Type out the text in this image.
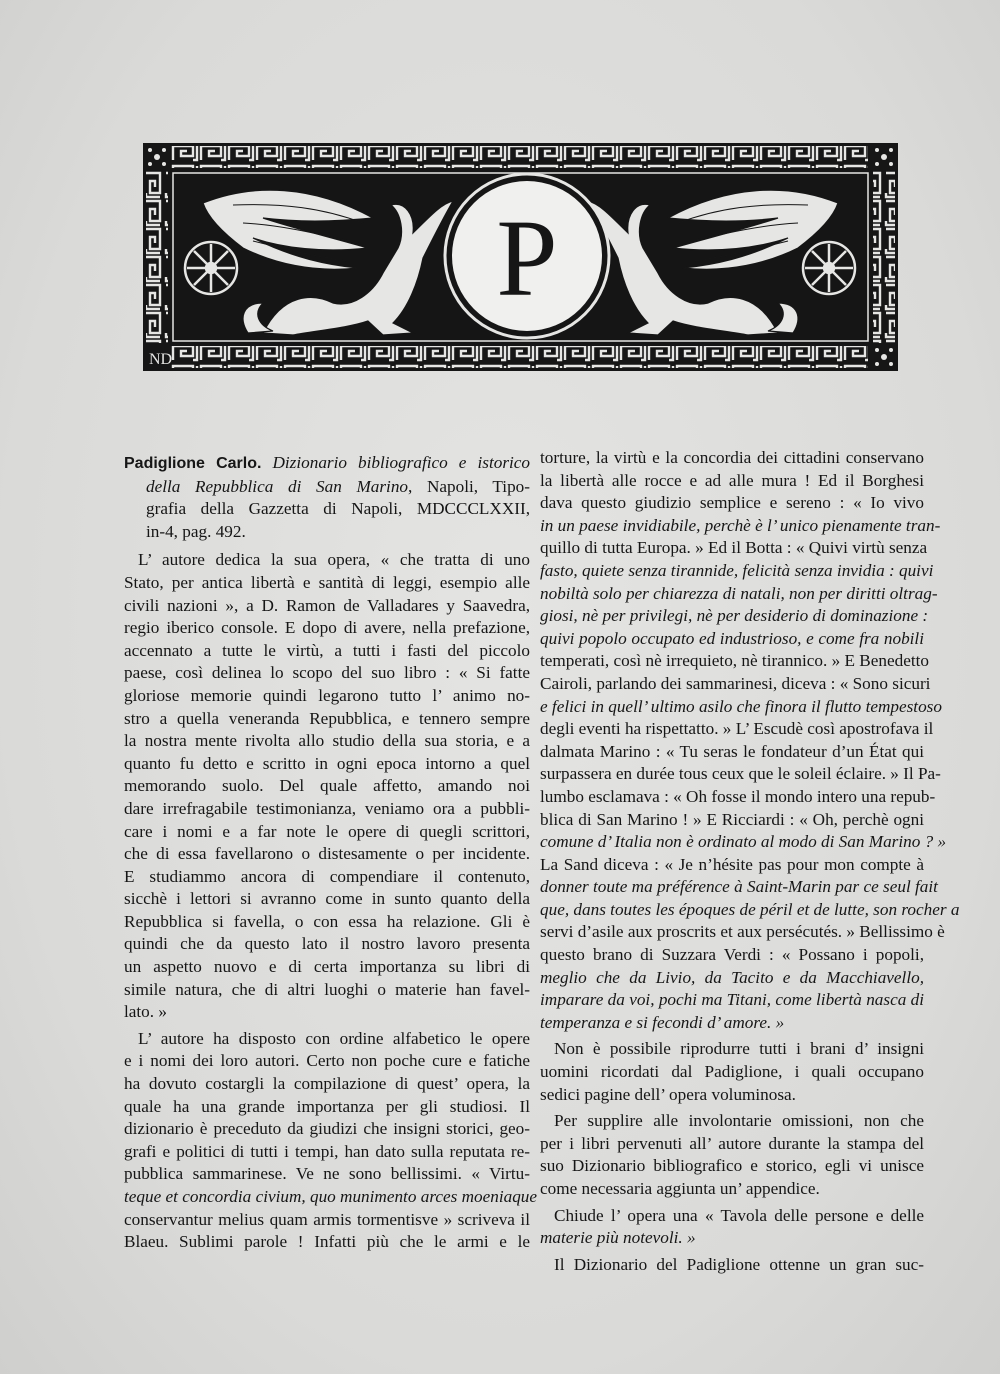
ND
P
Padiglione Carlo. Dizionario bibliografico e istorico
della Repubblica di San Marino, Napoli, Tipo-
grafia della Gazzetta di Napoli, MDCCCLXXII,
in-4, pag. 492.
L’ autore dedica la sua opera, « che tratta di uno
Stato, per antica libertà e santità di leggi, esempio alle
civili nazioni », a D. Ramon de Valladares y Saavedra,
regio iberico console. E dopo di avere, nella prefazione,
accennato a tutte le virtù, a tutti i fasti del piccolo
paese, così delinea lo scopo del suo libro : « Si fatte
gloriose memorie quindi legarono tutto l’ animo no-
stro a quella veneranda Repubblica, e tennero sempre
la nostra mente rivolta allo studio della sua storia, e a
quanto fu detto e scritto in ogni epoca intorno a quel
memorando suolo. Del quale affetto, amando noi
dare irrefragabile testimonianza, veniamo ora a pubbli-
care i nomi e a far note le opere di quegli scrittori,
che di essa favellarono o distesamente o per incidente.
E studiammo ancora di compendiare il contenuto,
sicchè i lettori si avranno come in sunto quanto della
Repubblica si favella, o con essa ha relazione. Gli è
quindi che da questo lato il nostro lavoro presenta
un aspetto nuovo e di certa importanza su libri di
simile natura, che di altri luoghi o materie han favel-
lato. »
L’ autore ha disposto con ordine alfabetico le opere
e i nomi dei loro autori. Certo non poche cure e fatiche
ha dovuto costargli la compilazione di quest’ opera, la
quale ha una grande importanza per gli studiosi. Il
dizionario è preceduto da giudizi che insigni storici, geo-
grafi e politici di tutti i tempi, han dato sulla reputata re-
pubblica sammarinese. Ve ne sono bellissimi. « Virtu-
teque et concordia civium, quo munimento arces moeniaque
conservantur melius quam armis tormentisve » scriveva il
Blaeu. Sublimi parole ! Infatti più che le armi e le
torture, la virtù e la concordia dei cittadini conservano
la libertà alle rocce e ad alle mura ! Ed il Borghesi
dava questo giudizio semplice e sereno : « Io vivo
in un paese invidiabile, perchè è l’ unico pienamente tran-
quillo di tutta Europa. » Ed il Botta : « Quivi virtù senza
fasto, quiete senza tirannide, felicità senza invidia : quivi
nobiltà solo per chiarezza di natali, non per diritti oltrag-
giosi, nè per privilegi, nè per desiderio di dominazione :
quivi popolo occupato ed industrioso, e come fra nobili
temperati, così nè irrequieto, nè tirannico. » E Benedetto
Cairoli, parlando dei sammarinesi, diceva : « Sono sicuri
e felici in quell’ ultimo asilo che finora il flutto tempestoso
degli eventi ha rispettatto. » L’ Escudè così apostrofava il
dalmata Marino : « Tu seras le fondateur d’un État qui
surpassera en durée tous ceux que le soleil éclaire. » Il Pa-
lumbo esclamava : « Oh fosse il mondo intero una repub-
blica di San Marino ! » E Ricciardi : « Oh, perchè ogni
comune d’ Italia non è ordinato al modo di San Marino ? »
La Sand diceva : « Je n’hésite pas pour mon compte à
donner toute ma préférence à Saint-Marin par ce seul fait
que, dans toutes les époques de péril et de lutte, son rocher a
servi d’asile aux proscrits et aux persécutés. » Bellissimo è
questo brano di Suzzara Verdi : « Possano i popoli,
meglio che da Livio, da Tacito e da Macchiavello,
imparare da voi, pochi ma Titani, come libertà nasca di
temperanza e si fecondi d’ amore. »
Non è possibile riprodurre tutti i brani d’ insigni
uomini ricordati dal Padiglione, i quali occupano
sedici pagine dell’ opera voluminosa.
Per supplire alle involontarie omissioni, non che
per i libri pervenuti all’ autore durante la stampa del
suo Dizionario bibliografico e storico, egli vi unisce
come necessaria aggiunta un’ appendice.
Chiude l’ opera una « Tavola delle persone e delle
materie più notevoli. »
Il Dizionario del Padiglione ottenne un gran suc-
